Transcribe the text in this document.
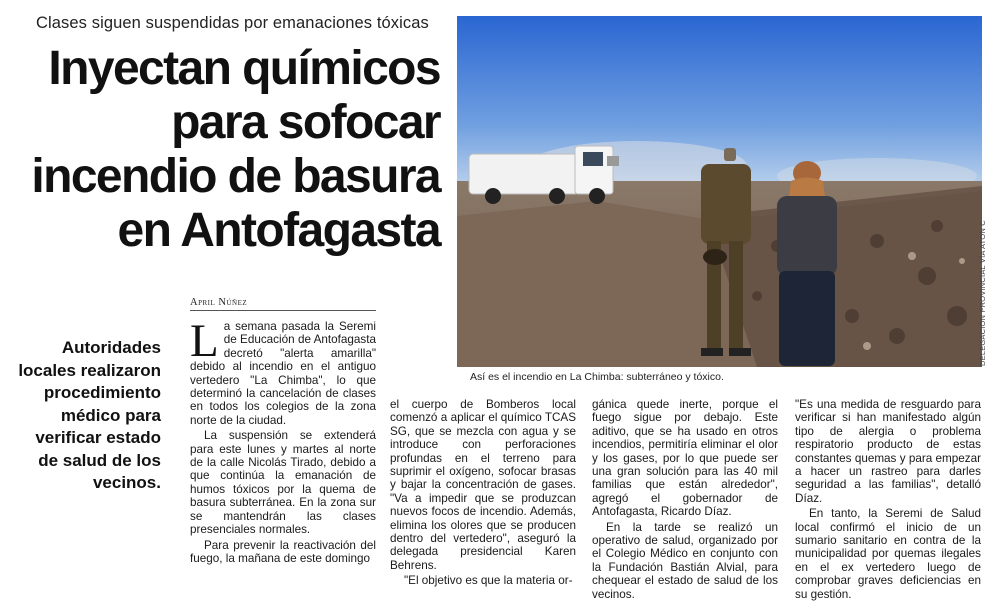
Clases siguen suspendidas por emanaciones tóxicas
Inyectan químicos
para sofocar
incendio de basura
en Antofagasta	DELEGACIÓN PROVINCIAL VÍA ATON C
Así es el incendio en La Chimba: subterráneo y tóxico.
April Núñez
Autoridades locales realizaron procedimiento médico para verificar estado de salud de los vecinos.

La semana pasada la Seremi de Educación de Antofagasta decretó "alerta amarilla" debido al incendio en el antiguo vertedero "La Chimba", lo que determinó la cancelación de clases en todos los colegios de la zona norte de la ciudad.

La suspensión se extenderá para este lunes y martes al norte de la calle Nicolás Tirado, debido a que continúa la emanación de humos tóxicos por la quema de basura subterránea. En la zona sur se mantendrán las clases presenciales normales.

Para prevenir la reactivación del fuego, la mañana de este domingo

el cuerpo de Bomberos local comenzó a aplicar el químico TCAS SG, que se mezcla con agua y se introduce con perforaciones profundas en el terreno para suprimir el oxígeno, sofocar brasas y bajar la concentración de gases. "Va a impedir que se produzcan nuevos focos de incendio. Además, elimina los olores que se producen dentro del vertedero", aseguró la delegada presidencial Karen Behrens.

"El objetivo es que la materia or-

gánica quede inerte, porque el fuego sigue por debajo. Este aditivo, que se ha usado en otros incendios, permitiría eliminar el olor y los gases, por lo que puede ser una gran solución para las 40 mil familias que están alrededor", agregó el gobernador de Antofagasta, Ricardo Díaz.

En la tarde se realizó un operativo de salud, organizado por el Colegio Médico en conjunto con la Fundación Bastián Alvial, para chequear el estado de salud de los vecinos.

"Es una medida de resguardo para verificar si han manifestado algún tipo de alergia o problema respiratorio producto de estas constantes quemas y para empezar a hacer un rastreo para darles seguridad a las familias", detalló Díaz.

En tanto, la Seremi de Salud local confirmó el inicio de un sumario sanitario en contra de la municipalidad por quemas ilegales en el ex vertedero luego de comprobar graves deficiencias en su gestión.
